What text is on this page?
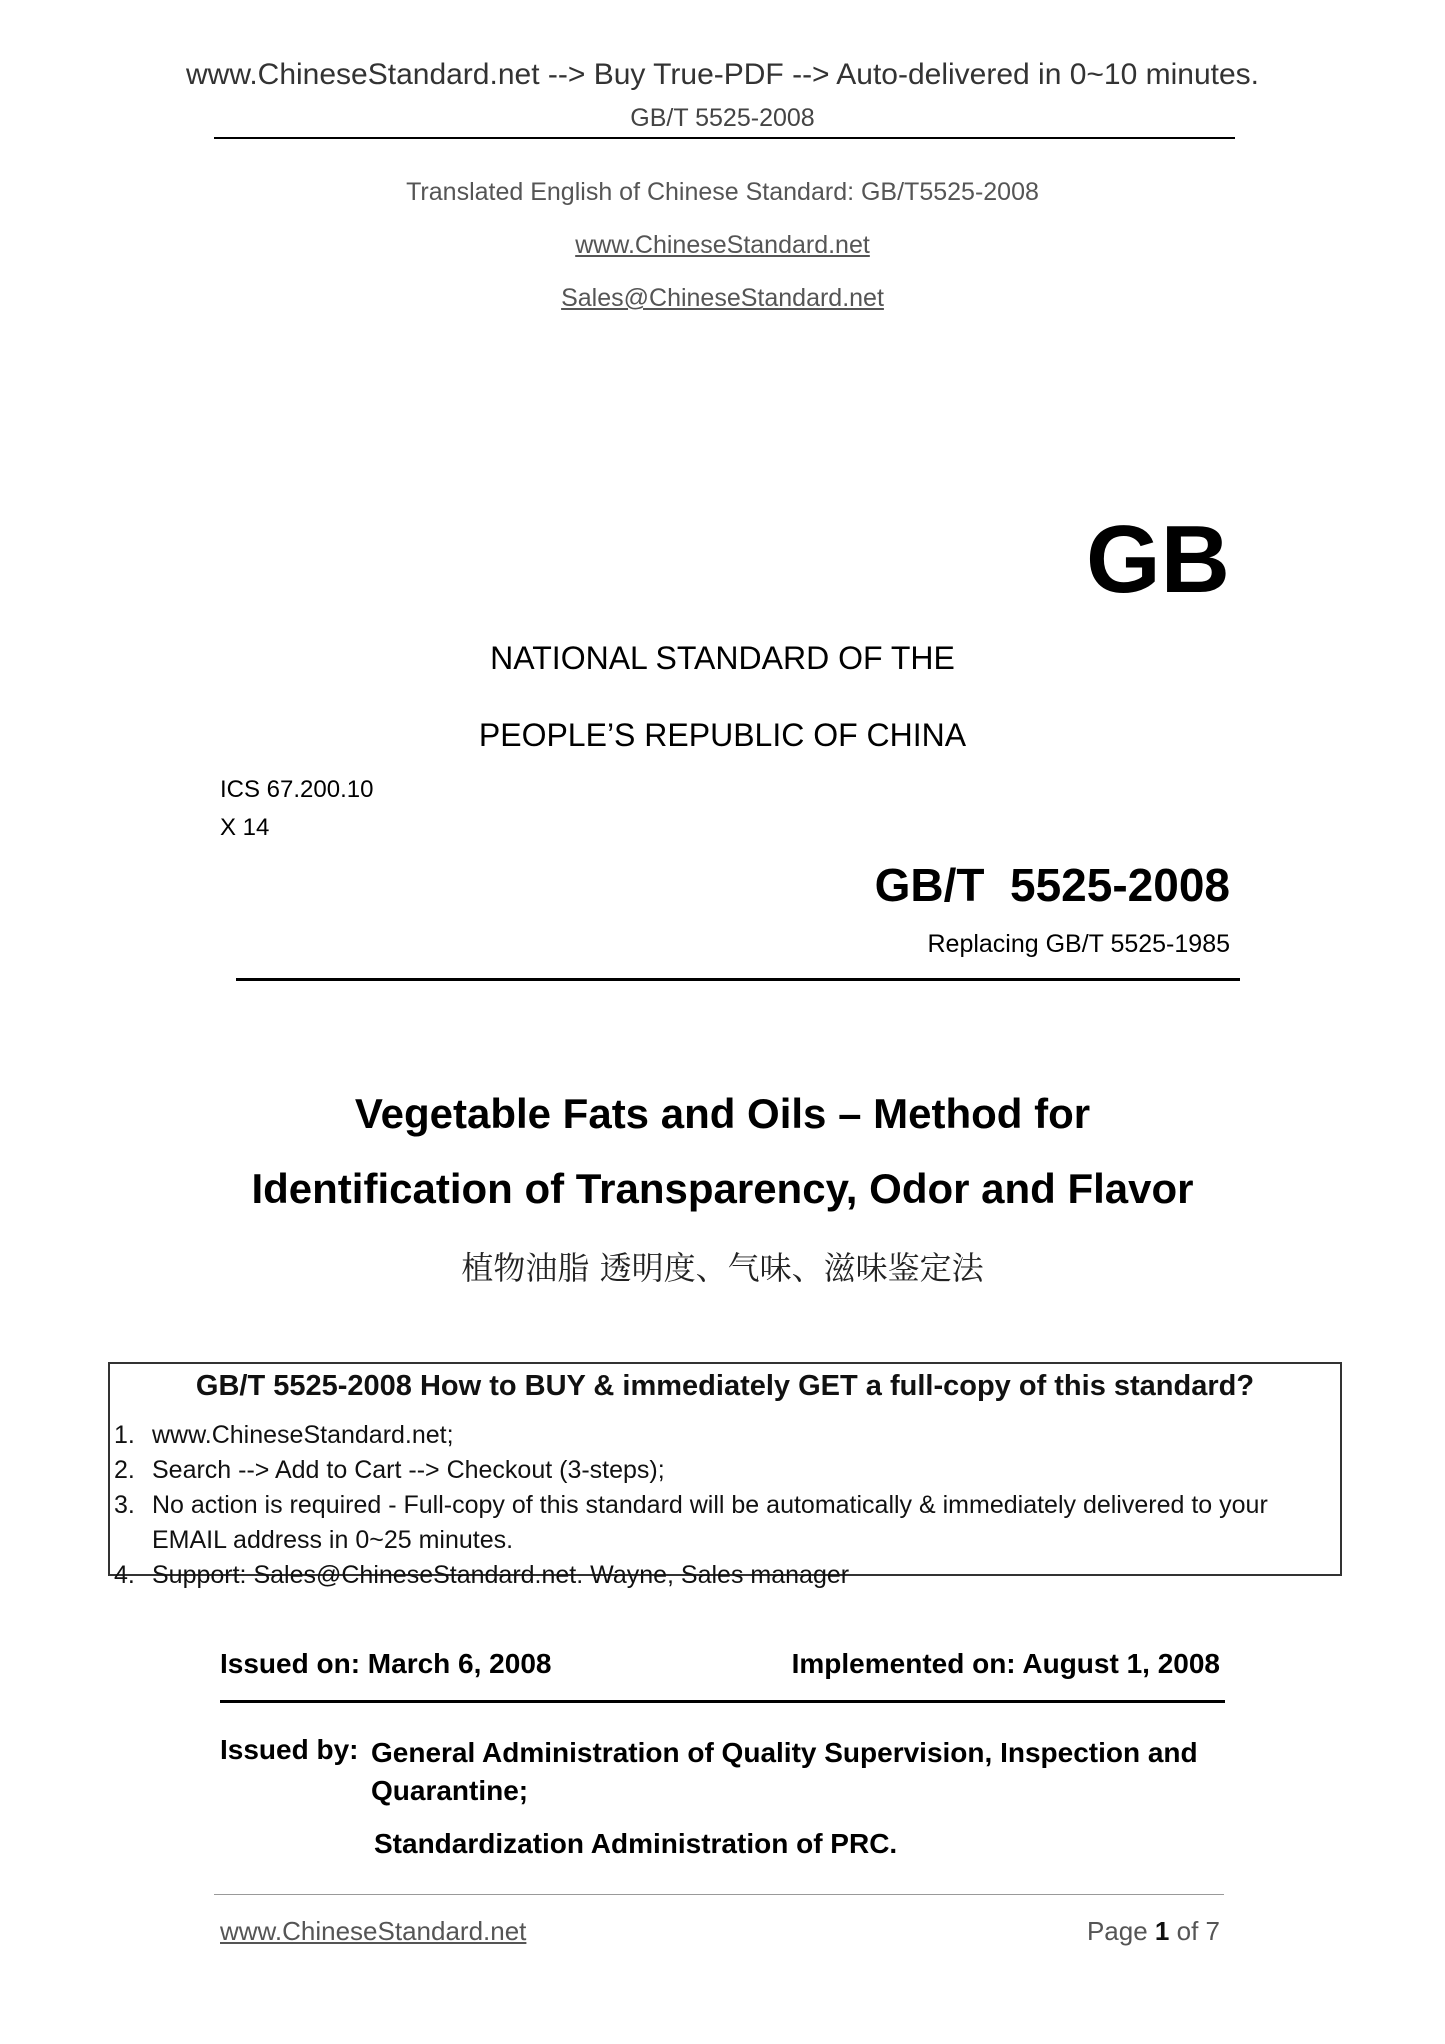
www.ChineseStandard.net --> Buy True-PDF --> Auto-delivered in 0~10 minutes.
GB/T 5525-2008
Translated English of Chinese Standard: GB/T5525-2008
www.ChineseStandard.net
Sales@ChineseStandard.net
GB
NATIONAL STANDARD OF THE
PEOPLE’S REPUBLIC OF CHINA
ICS 67.200.10
X 14
GB/T  5525-2008
Replacing GB/T 5525-1985
Vegetable Fats and Oils – Method for
Identification of Transparency, Odor and Flavor
植物油脂 透明度、气味、滋味鉴定法
GB/T 5525-2008 How to BUY & immediately GET a full-copy of this standard?
1. www.ChineseStandard.net;
2. Search --> Add to Cart --> Checkout (3-steps);
3. No action is required - Full-copy of this standard will be automatically & immediately delivered to your EMAIL address in 0~25 minutes.
4. Support: Sales@ChineseStandard.net. Wayne, Sales manager
Issued on: March 6, 2008	Implemented on: August 1, 2008
Issued by: General Administration of Quality Supervision, Inspection and Quarantine;
Standardization Administration of PRC.
www.ChineseStandard.net	Page 1 of 7
